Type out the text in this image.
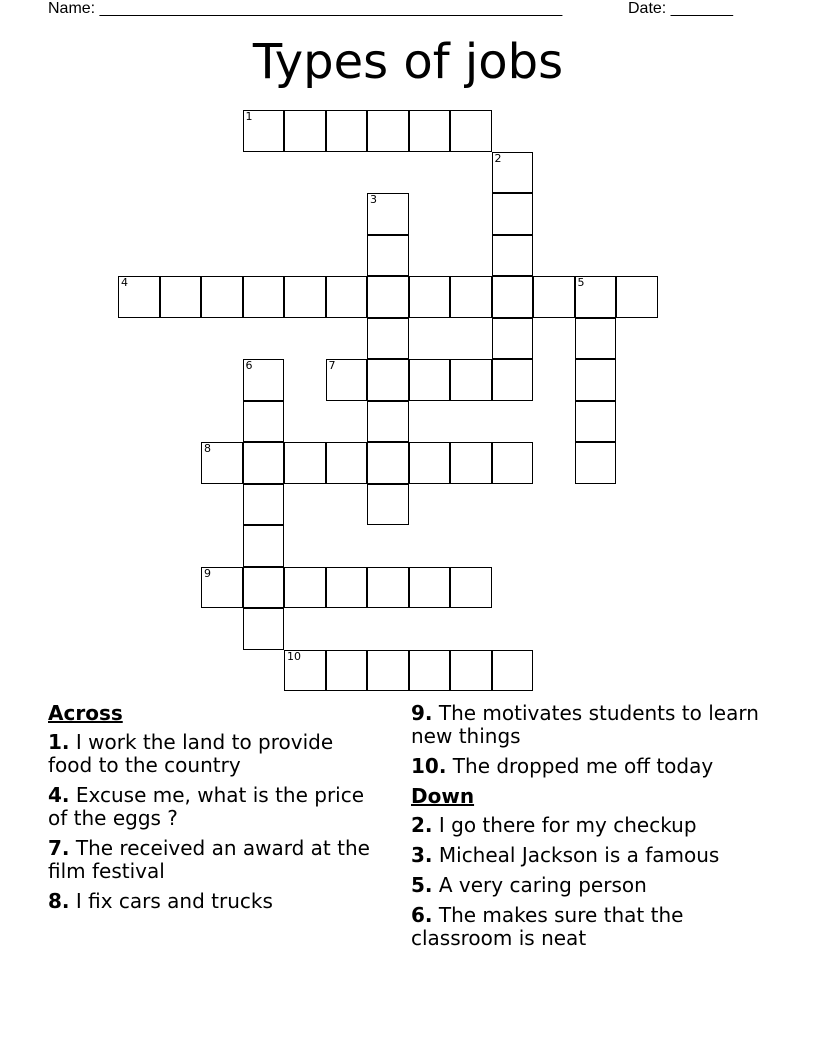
Name: ____________________________________________________	Date: _______
Types of jobs
1
2
3
4	5
6	7
8
9
10
Across
1. I work the land to provide food to the country
4. Excuse me, what is the price of the eggs ?
7. The received an award at the film festival
8. I fix cars and trucks
9. The motivates students to learn new things
10. The dropped me off today
Down
2. I go there for my checkup
3. Micheal Jackson is a famous
5. A very caring person
6. The makes sure that the classroom is neat
